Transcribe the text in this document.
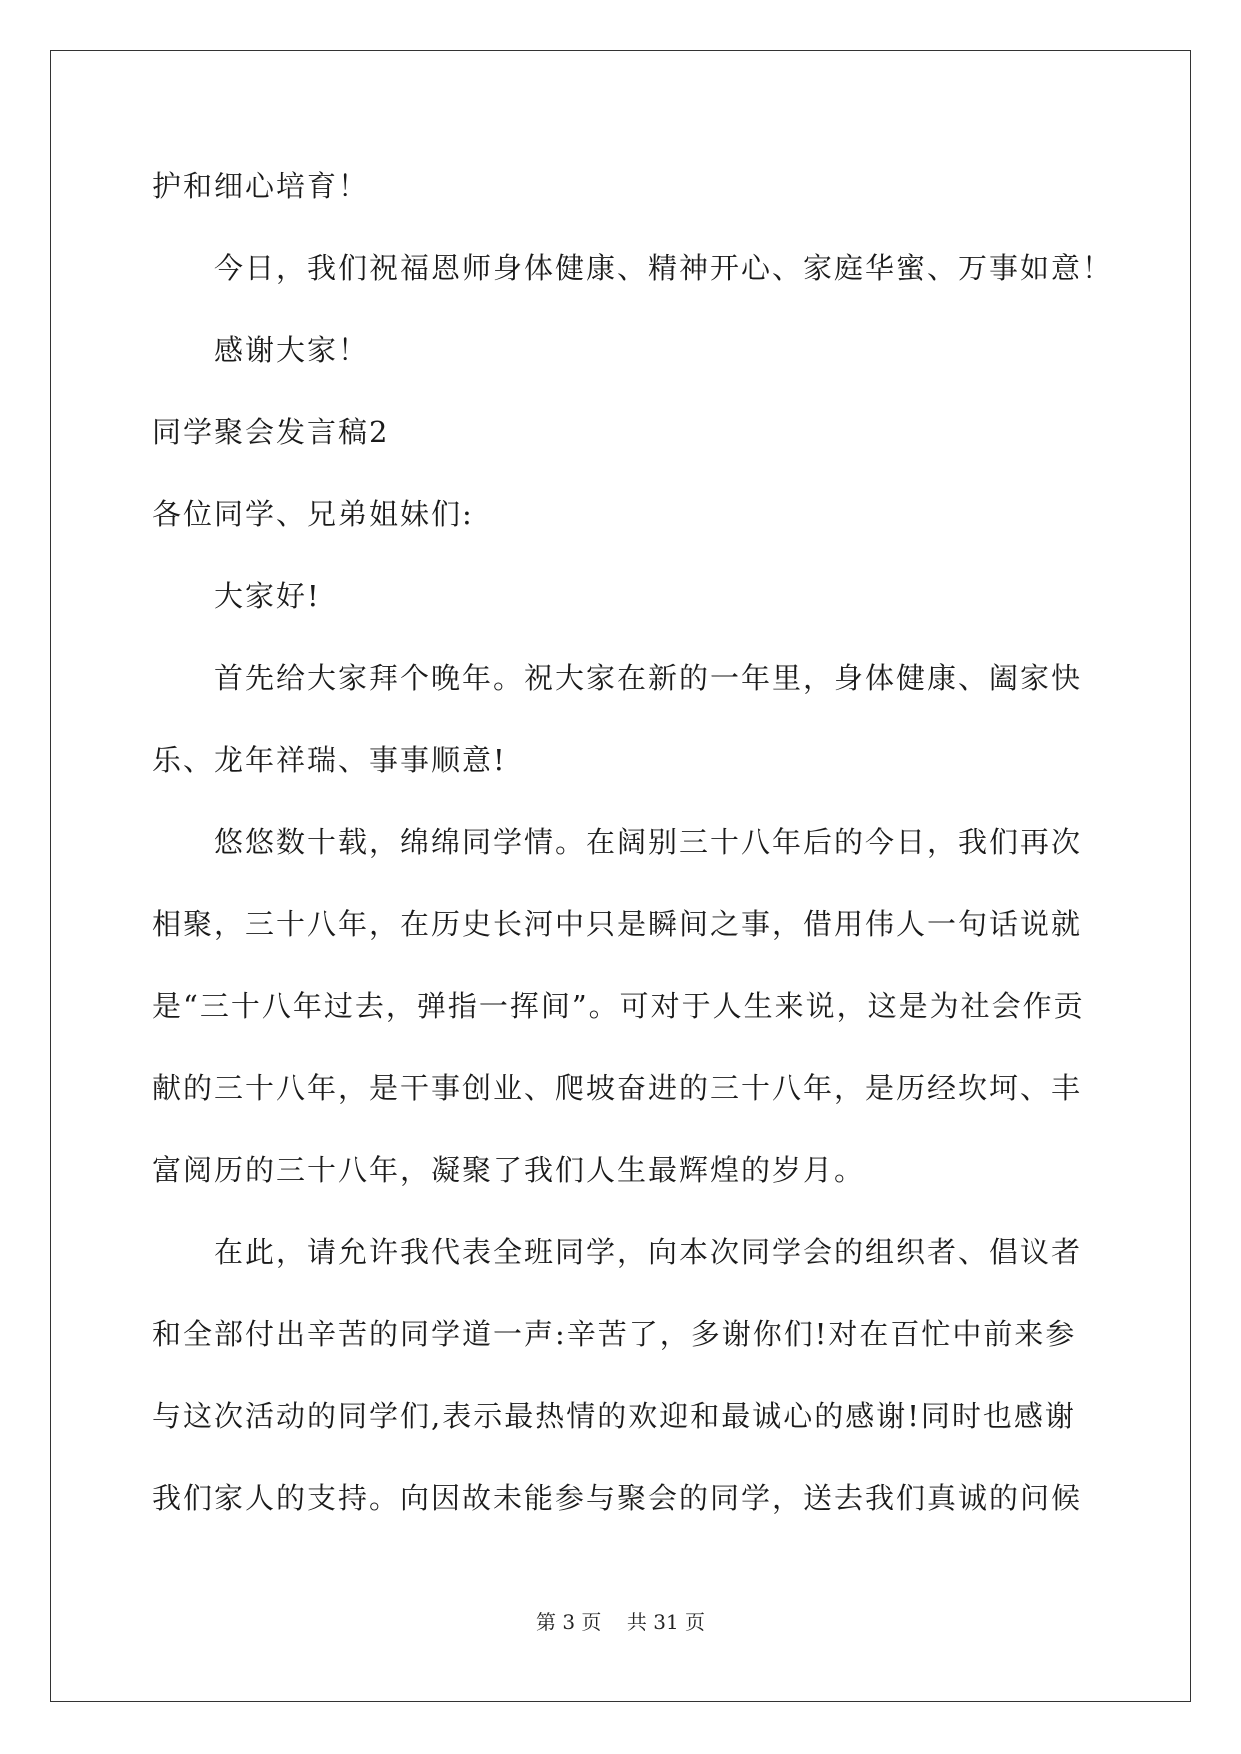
护和细心培育！

今日，我们祝福恩师身体健康、精神开心、家庭华蜜、万事如意！

感谢大家！

同学聚会发言稿2

各位同学、兄弟姐妹们:

大家好!

首先给大家拜个晚年。祝大家在新的一年里，身体健康、阖家快

乐、龙年祥瑞、事事顺意!

悠悠数十载，绵绵同学情。在阔别三十八年后的今日，我们再次

相聚，三十八年，在历史长河中只是瞬间之事，借用伟人一句话说就

是“三十八年过去，弹指一挥间”。可对于人生来说，这是为社会作贡

献的三十八年，是干事创业、爬坡奋进的三十八年，是历经坎坷、丰

富阅历的三十八年，凝聚了我们人生最辉煌的岁月。

在此，请允许我代表全班同学，向本次同学会的组织者、倡议者

和全部付出辛苦的同学道一声:辛苦了，多谢你们!对在百忙中前来参

与这次活动的同学们,表示最热情的欢迎和最诚心的感谢!同时也感谢

我们家人的支持。向因故未能参与聚会的同学，送去我们真诚的问候

第 3 页 共 31 页
